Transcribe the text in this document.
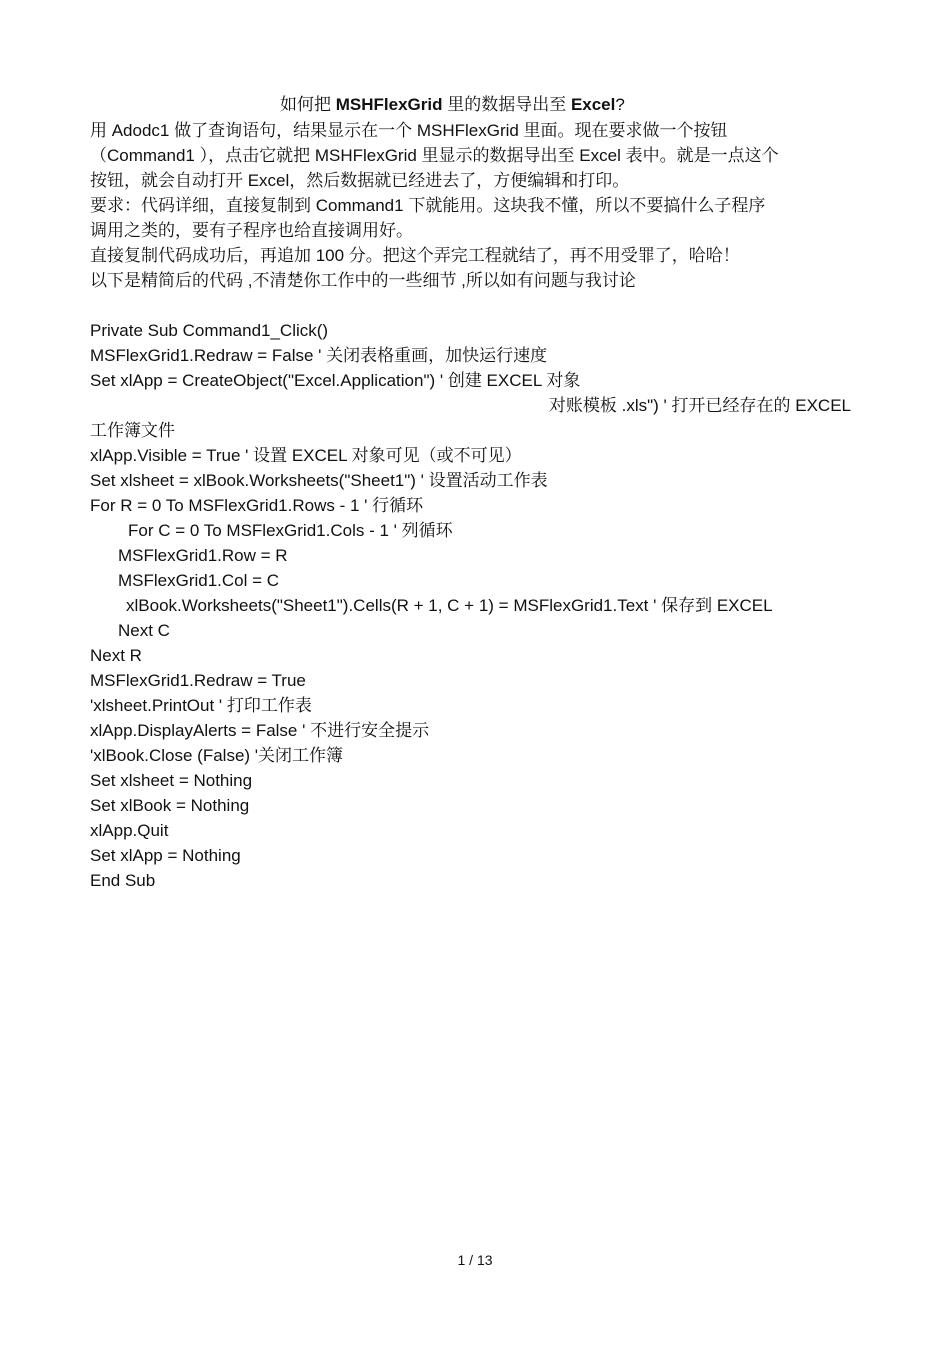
如何把 MSHFlexGrid 里的数据导出至 Excel?

用 Adodc1 做了查询语句，结果显示在一个 MSHFlexGrid 里面。现在要求做一个按钮

（Command1 ），点击它就把 MSHFlexGrid 里显示的数据导出至 Excel 表中。就是一点这个

按钮，就会自动打开 Excel，然后数据就已经进去了，方便编辑和打印。

要求：代码详细，直接复制到 Command1 下就能用。这块我不懂，所以不要搞什么子程序

调用之类的，要有子程序也给直接调用好。

直接复制代码成功后，再追加 100 分。把这个弄完工程就结了，再不用受罪了，哈哈！

以下是精简后的代码 ,不清楚你工作中的一些细节 ,所以如有问题与我讨论

Private Sub Command1_Click()
MSFlexGrid1.Redraw = False ' 关闭表格重画，加快运行速度
Set xlApp = CreateObject("Excel.Application") ' 创建 EXCEL 对象
对账模板 .xls") ' 打开已经存在的 EXCEL
工作簿文件
xlApp.Visible = True ' 设置 EXCEL 对象可见（或不可见）
Set xlsheet = xlBook.Worksheets("Sheet1") ' 设置活动工作表
For R = 0 To MSFlexGrid1.Rows - 1 ' 行循环
For C = 0 To MSFlexGrid1.Cols - 1 ' 列循环
MSFlexGrid1.Row = R
MSFlexGrid1.Col = C
xlBook.Worksheets("Sheet1").Cells(R + 1, C + 1) = MSFlexGrid1.Text ' 保存到 EXCEL
Next C
Next R
MSFlexGrid1.Redraw = True
'xlsheet.PrintOut ' 打印工作表
xlApp.DisplayAlerts = False ' 不进行安全提示
'xlBook.Close (False) '关闭工作簿
Set xlsheet = Nothing
Set xlBook = Nothing
xlApp.Quit
Set xlApp = Nothing
End Sub
1 / 13
